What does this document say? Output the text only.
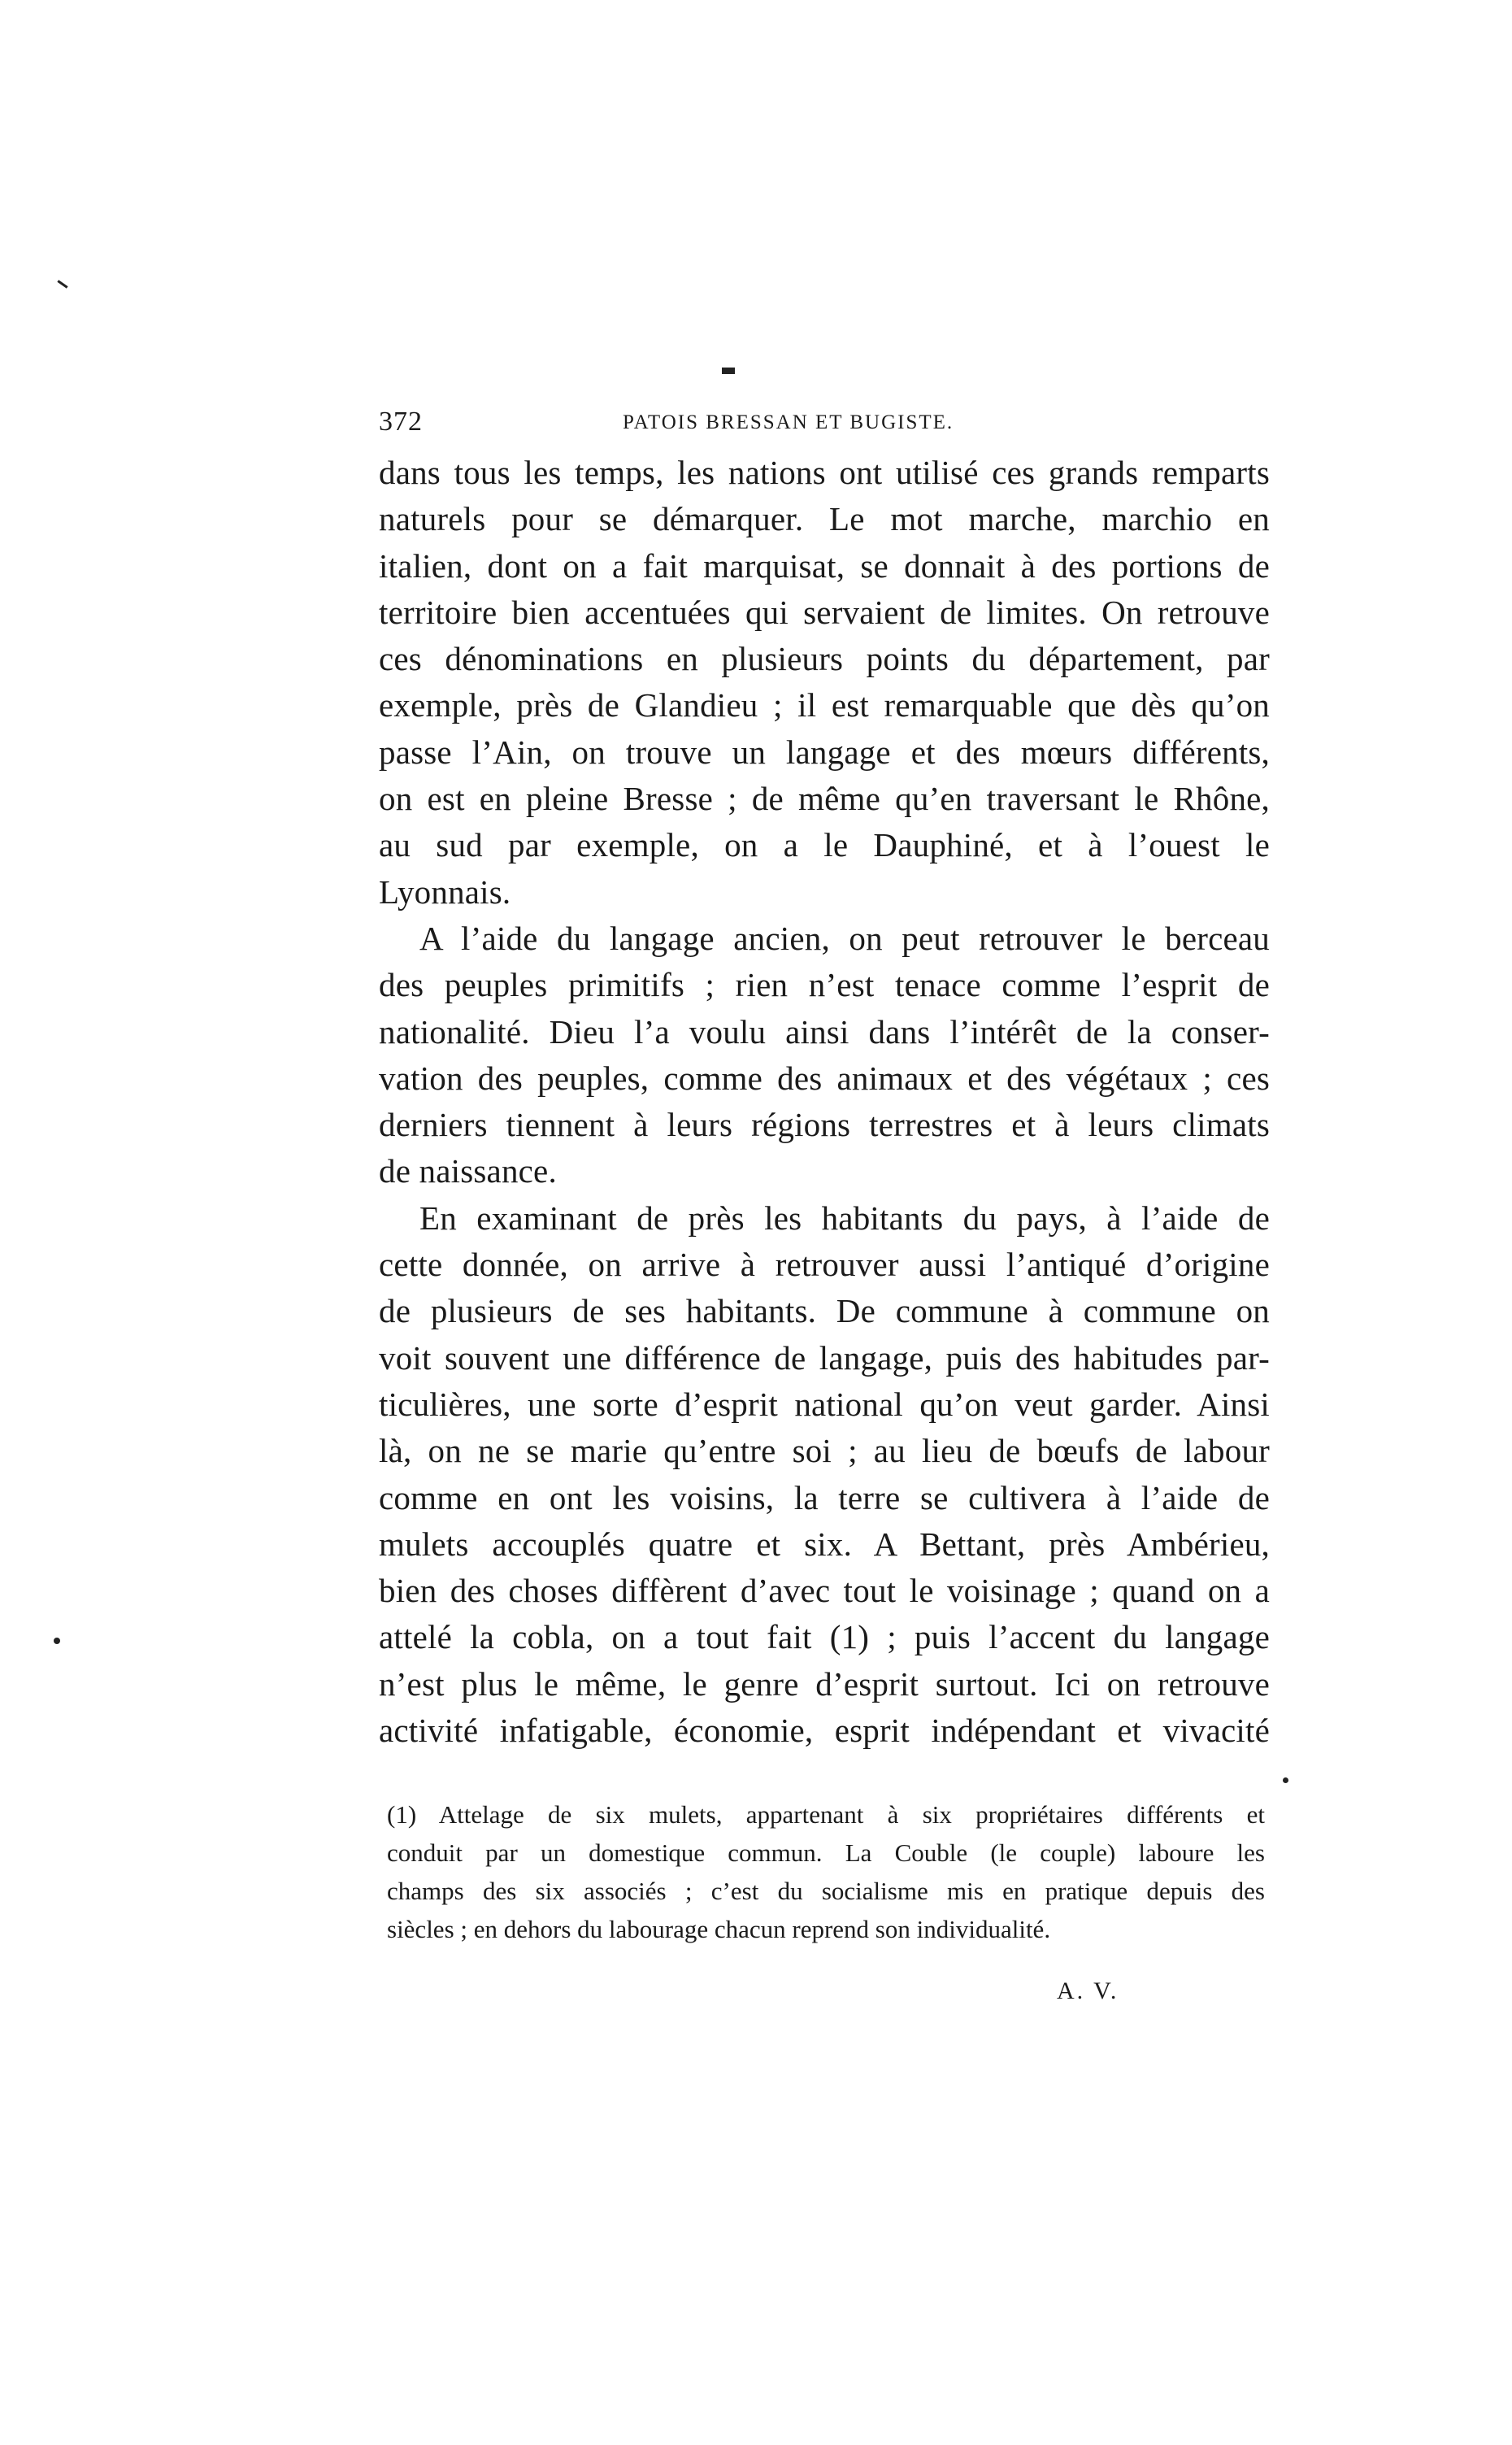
372	PATOIS BRESSAN ET BUGISTE.
dans tous les temps, les nations ont utilisé ces grands remparts
naturels pour se démarquer. Le mot marche, marchio en
italien, dont on a fait marquisat, se donnait à des portions de
territoire bien accentuées qui servaient de limites. On retrouve
ces dénominations en plusieurs points du département, par
exemple, près de Glandieu ; il est remarquable que dès qu’on
passe l’Ain, on trouve un langage et des mœurs différents,
on est en pleine Bresse ; de même qu’en traversant le Rhône,
au sud par exemple, on a le Dauphiné, et à l’ouest le
Lyonnais.
A l’aide du langage ancien, on peut retrouver le berceau
des peuples primitifs ; rien n’est tenace comme l’esprit de
nationalité. Dieu l’a voulu ainsi dans l’intérêt de la conser-
vation des peuples, comme des animaux et des végétaux ; ces
derniers tiennent à leurs régions terrestres et à leurs climats
de naissance.
En examinant de près les habitants du pays, à l’aide de
cette donnée, on arrive à retrouver aussi l’antiqué d’origine
de plusieurs de ses habitants. De commune à commune on
voit souvent une différence de langage, puis des habitudes par-
ticulières, une sorte d’esprit national qu’on veut garder. Ainsi
là, on ne se marie qu’entre soi ; au lieu de bœufs de labour
comme en ont les voisins, la terre se cultivera à l’aide de
mulets accouplés quatre et six. A Bettant, près Ambérieu,
bien des choses diffèrent d’avec tout le voisinage ; quand on a
attelé la cobla, on a tout fait (1) ; puis l’accent du langage
n’est plus le même, le genre d’esprit surtout. Ici on retrouve
activité infatigable, économie, esprit indépendant et vivacité
(1) Attelage de six mulets, appartenant à six propriétaires différents et
conduit par un domestique commun. La Couble (le couple) laboure les
champs des six associés ; c’est du socialisme mis en pratique depuis des
siècles ; en dehors du labourage chacun reprend son individualité.
A. V.
